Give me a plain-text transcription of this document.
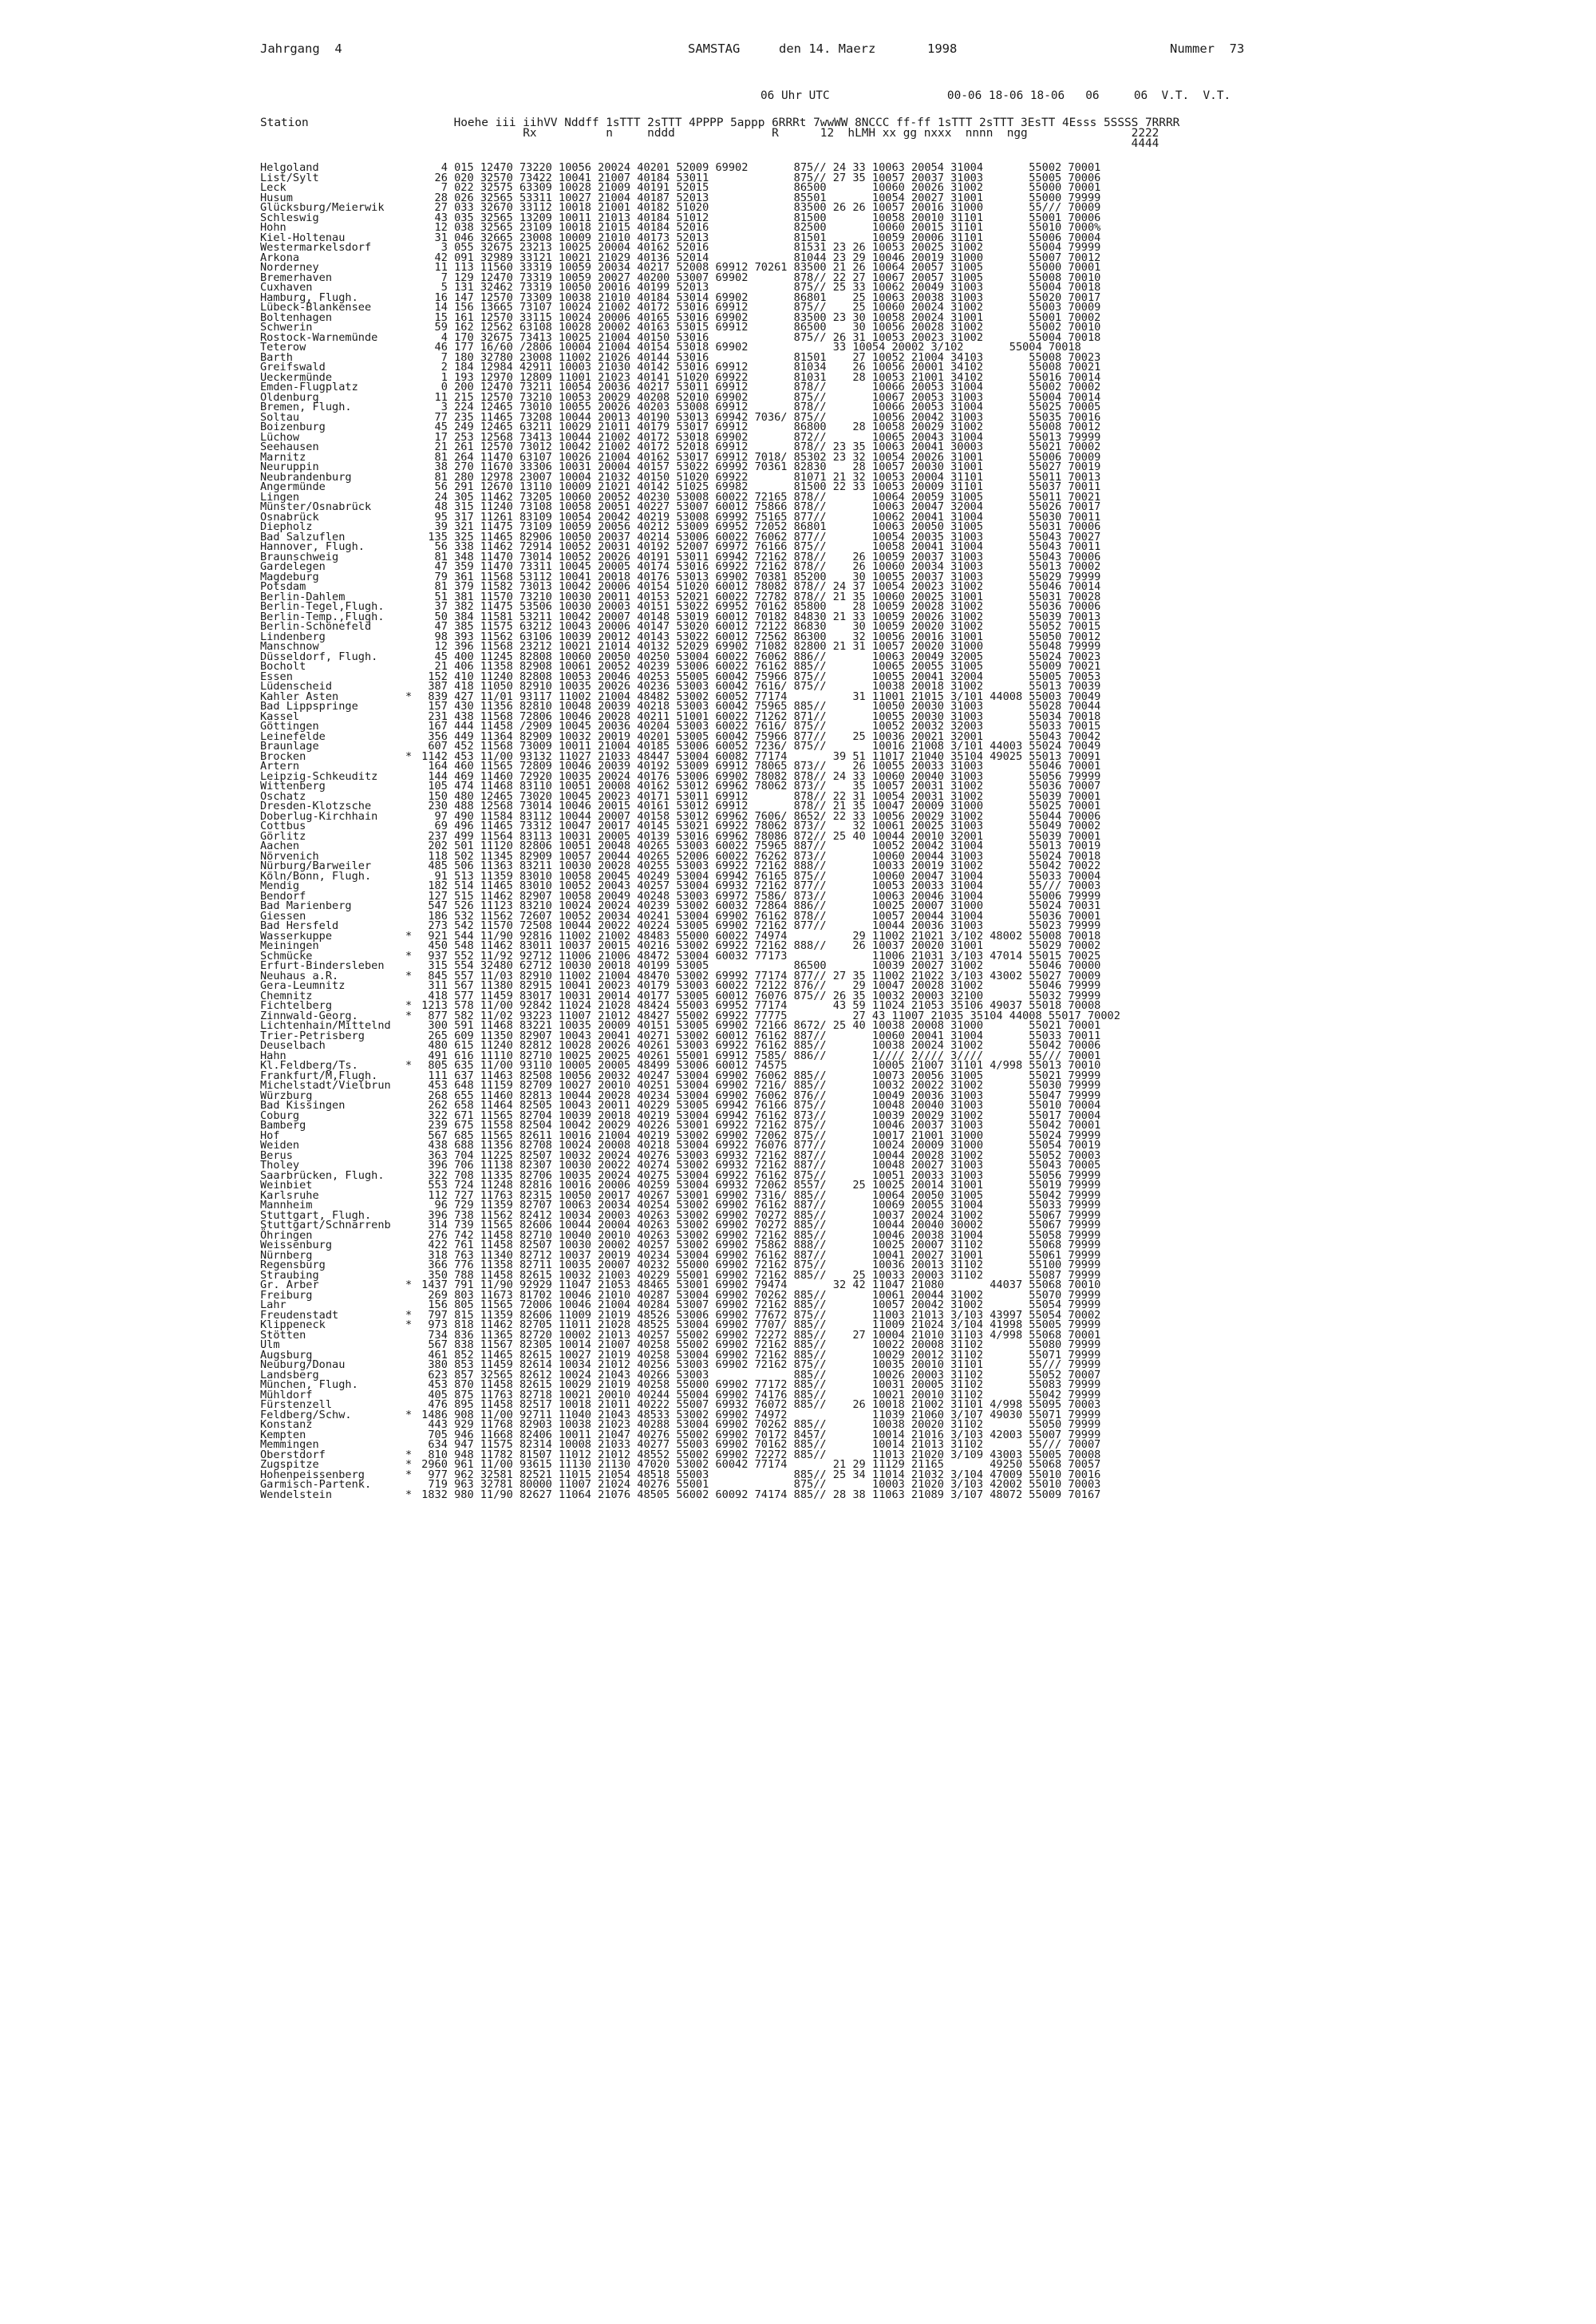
Jahrgang  4	SAMSTAG	den 14. Maerz	1998	Nummer  73
06 Uhr UTC                 00-06 18-06 18-06   06     06  V.T.  V.T.
Station                     Hoehe iii iihVV Nddff 1sTTT 2sTTT 4PPPP 5appp 6RRRt 7wwWW 8NCCC ff-ff 1sTTT 2sTTT 3EsTT 4Esss 5SSSS 7RRRR
Rx          n     nddd              R      12  hLMH xx gg nxxx  nnnn  ngg               2222
4444
Helgoland	4 015 12470 73220 10056 20024 40201 52009 69902       875// 24 33 10063 20054 31004       55002 70001
List/Sylt	26 020 32570 73422 10041 21007 40184 53011             875// 27 35 10057 20037 31003       55005 70006
Leck	7 022 32575 63309 10028 21009 40191 52015             86500       10060 20026 31002       55000 70001
Husum	28 026 32565 53311 10027 21004 40187 52013             85501       10054 20027 31001       55000 79999
Glücksburg/Meierwik	27 033 32670 33112 10018 21001 40182 51020             83500 26 26 10057 20016 31000       55/// 70009
Schleswig	43 035 32565 13209 10011 21013 40184 51012             81500       10058 20010 31101       55001 70006
Hohn	12 038 32565 23109 10018 21015 40184 52016             82500       10060 20015 31101       55010 7000%
Kiel-Holtenau	31 046 32665 23008 10009 21010 40173 52013             81501       10059 20006 31101       55006 70004
Westermarkelsdorf	3 055 32675 23213 10025 20004 40162 52016             81531 23 26 10053 20025 31002       55004 79999
Arkona	42 091 32989 33121 10021 21029 40136 52014             81044 23 29 10046 20019 31000       55007 70012
Norderney	11 113 11560 33319 10059 20034 40217 52008 69912 70261 83500 21 26 10064 20057 31005       55000 70001
Bremerhaven	7 129 12470 73319 10059 20027 40200 53007 69902       878// 22 27 10067 20057 31005       55008 70010
Cuxhaven	5 131 32462 73319 10050 20016 40199 52013             875// 25 33 10062 20049 31003       55004 70018
Hamburg, Flugh.	16 147 12570 73309 10038 21010 40184 53014 69902       86801    25 10063 20038 31003       55020 70017
Lübeck-Blankensee	14 156 13665 73107 10024 21002 40172 53016 69912       875//    25 10060 20024 31002       55003 70009
Boltenhagen	15 161 12570 33115 10024 20006 40165 53016 69902       83500 23 30 10058 20024 31001       55001 70002
Schwerin	59 162 12562 63108 10028 20002 40163 53015 69912       86500    30 10056 20028 31002       55002 70010
Rostock-Warnemünde	4 170 32675 73413 10025 21004 40150 53016             875// 26 31 10053 20023 31002       55004 70018
Teterow	46 177 16/60 /2806 10004 21004 40154 53018 69902             33 10054 20002 3/102       55004 70018
Barth	7 180 32780 23008 11002 21026 40144 53016             81501    27 10052 21004 34103       55008 70023
Greifswald	2 184 12984 42911 10003 21030 40142 53016 69912       81034    26 10056 20001 34102       55008 70021
Ueckermünde	1 193 12970 12809 11001 21023 40141 51020 69922       81031    28 10053 21001 34102       55016 70014
Emden-Flugplatz	0 200 12470 73211 10054 20036 40217 53011 69912       878//       10066 20053 31004       55002 70002
Oldenburg	11 215 12570 73210 10053 20029 40208 52010 69902       875//       10067 20053 31003       55004 70014
Bremen, Flugh.	3 224 12465 73010 10055 20026 40203 53008 69912       878//       10066 20053 31004       55025 70005
Soltau	77 235 11465 73208 10044 20013 40190 53013 69942 7036/ 875//       10056 20042 31003       55035 70016
Boizenburg	45 249 12465 63211 10029 21011 40179 53017 69912       86800    28 10058 20029 31002       55008 70012
Lüchow	17 253 12568 73413 10044 21002 40172 53018 69902       872//       10065 20043 31004       55013 79999
Seehausen	21 261 12570 73012 10042 21002 40172 52018 69912       878// 23 35 10063 20041 30003       55021 70002
Marnitz	81 264 11470 63107 10026 21004 40162 53017 69912 7018/ 85302 23 32 10054 20026 31001       55006 70009
Neuruppin	38 270 11670 33306 10031 20004 40157 53022 69992 70361 82830    28 10057 20030 31001       55027 70019
Neubrandenburg	81 280 12978 23007 10004 21032 40150 51020 69922       81071 21 32 10053 20004 31101       55011 70013
Angermünde	56 291 12670 13110 10009 21021 40142 51025 69982       81500 22 33 10053 20009 31101       55037 70011
Lingen	24 305 11462 73205 10060 20052 40230 53008 60022 72165 878//       10064 20059 31005       55011 70021
Münster/Osnabrück	48 315 11240 73108 10058 20051 40227 53007 60012 75866 878//       10063 20047 32004       55026 70017
Osnabrück	95 317 11261 83109 10054 20042 40219 53008 69992 75165 877//       10062 20041 31004       55030 70011
Diepholz	39 321 11475 73109 10059 20056 40212 53009 69952 72052 86801       10063 20050 31005       55031 70006
Bad Salzuflen	135 325 11465 82906 10050 20037 40214 53006 60022 76062 877//       10054 20035 31003       55043 70027
Hannover, Flugh.	56 338 11462 72914 10052 20031 40192 52007 69972 76166 875//       10058 20041 31004       55043 70011
Braunschweig	81 348 11470 73014 10052 20026 40191 53011 69942 72162 878//    26 10059 20037 31003       55043 70006
Gardelegen	47 359 11470 73311 10045 20005 40174 53016 69922 72162 878//    26 10060 20034 31003       55013 70002
Magdeburg	79 361 11568 53112 10041 20018 40176 53013 69902 70381 85200    30 10055 20037 31003       55029 79999
Potsdam	81 379 11582 73013 10042 20006 40154 51020 60012 78082 878// 24 37 10054 20023 31002       55046 70014
Berlin-Dahlem	51 381 11570 73210 10030 20011 40153 52021 60022 72782 878// 21 35 10060 20025 31001       55031 70028
Berlin-Tegel,Flugh.	37 382 11475 53506 10030 20003 40151 53022 69952 70162 85800    28 10059 20028 31002       55036 70006
Berlin-Temp.,Flugh.	50 384 11581 53211 10042 20007 40148 53019 60012 70182 84830 21 33 10059 20026 31002       55039 70013
Berlin-Schönefeld	47 385 11575 63212 10043 20006 40147 53020 60012 72122 86830    30 10059 20020 31002       55052 70015
Lindenberg	98 393 11562 63106 10039 20012 40143 53022 60012 72562 86300    32 10056 20016 31001       55050 70012
Manschnow	12 396 11568 23212 10021 21014 40132 52029 69902 71082 82800 21 31 10057 20020 31000       55048 79999
Düsseldorf, Flugh.	45 400 11245 82808 10060 20050 40250 53004 60022 76062 886//       10063 20049 32005       55024 70023
Bocholt	21 406 11358 82908 10061 20052 40239 53006 60022 76162 885//       10065 20055 31005       55009 70021
Essen	152 410 11240 82808 10053 20046 40253 55005 60042 75966 875//       10055 20041 32004       55005 70053
Lüdenscheid	387 418 11050 82910 10035 20026 40236 53003 60042 7616/ 875//       10038 20018 31002       55013 70039
Kahler Asten	* 839 427 11/01 93117 11002 21004 48482 53002 60052 77174          31 11001 21015 3/101 44008 55003 70049
Bad Lippspringe	157 430 11356 82810 10048 20039 40218 53003 60042 75965 885//       10050 20030 31003       55028 70044
Kassel	231 438 11568 72806 10046 20028 40211 51001 60022 71262 871//       10055 20030 31003       55034 70018
Göttingen	167 444 11458 /2909 10045 20036 40204 53003 60022 7616/ 875//       10052 20032 32003       55033 70015
Leinefelde	356 449 11364 82909 10032 20019 40201 53005 60042 75966 877//    25 10036 20021 32001       55043 70042
Braunlage	607 452 11568 73009 10011 21004 40185 53006 60052 7236/ 875//       10016 21008 3/101 44003 55024 70049
Brocken	* 1142 453 11/00 93132 11027 21033 48447 53004 60082 77174       39 51 11017 21040 35104 49025 55013 70091
Artern	164 460 11565 72809 10046 20039 40192 53009 69912 78065 873//    26 10055 20033 31003       55046 70001
Leipzig-Schkeuditz	144 469 11460 72920 10035 20024 40176 53006 69902 78082 878// 24 33 10060 20040 31003       55056 79999
Wittenberg	105 474 11468 83110 10051 20008 40162 53012 69962 78062 873//    35 10057 20031 31002       55036 70007
Oschatz	150 480 12465 73020 10045 20023 40171 53011 69912       878// 22 31 10054 20031 31002       55039 70001
Dresden-Klotzsche	230 488 12568 73014 10046 20015 40161 53012 69912       878// 21 35 10047 20009 31000       55025 70001
Doberlug-Kirchhain	97 490 11584 83112 10044 20007 40158 53012 69962 7606/ 8652/ 22 33 10056 20029 31002       55044 70006
Cottbus	69 496 11465 73312 10047 20017 40145 53021 69922 78062 873//    32 10061 20025 31003       55049 70002
Görlitz	237 499 11564 83113 10031 20005 40139 53016 69962 78086 872// 25 40 10044 20010 32001       55039 70001
Aachen	202 501 11120 82806 10051 20048 40265 53003 60022 75965 887//       10052 20042 31004       55013 70019
Nörvenich	118 502 11345 82909 10057 20044 40265 52006 60022 76262 873//       10060 20044 31003       55024 70018
Nürburg/Barweiler	485 506 11363 83211 10030 20028 40255 53003 69922 72162 888//       10033 20019 31002       55042 70022
Köln/Bonn, Flugh.	91 513 11359 83010 10058 20045 40249 53004 69942 76165 875//       10060 20047 31004       55033 70004
Mendig	182 514 11465 83010 10052 20043 40257 53004 69932 72162 877//       10053 20033 31004       55/// 70003
Bendorf	127 515 11462 82907 10058 20049 40248 53003 69972 7586/ 873//       10063 20046 31004       55006 79999
Bad Marienberg	547 526 11123 83210 10024 20024 40239 53002 60032 72864 886//       10025 20007 31000       55024 70031
Giessen	186 532 11562 72607 10052 20034 40241 53004 69902 76162 878//       10057 20044 31004       55036 70001
Bad Hersfeld	273 542 11570 72508 10044 20022 40224 53005 69902 72162 877//       10044 20036 31003       55023 79999
Wasserkuppe	* 921 544 11/90 92816 11002 21002 48483 55000 60022 74974          29 11002 21021 3/102 48002 55008 70018
Meiningen	450 548 11462 83011 10037 20015 40216 53002 69922 72162 888//    26 10037 20020 31001       55029 70002
Schmücke	* 937 552 11/92 92712 11006 21006 48472 53004 60032 77173             11006 21031 3/103 47014 55015 70025
Erfurt-Bindersleben	315 554 32480 62712 10030 20018 40199 53005             86500       10039 20027 31002       55046 70000
Neuhaus a.R.	* 845 557 11/03 82910 11002 21004 48470 53002 69992 77174 877// 27 35 11002 21022 3/103 43002 55027 70009
Gera-Leumnitz	311 567 11380 82915 10041 20023 40179 53003 60022 72122 876//    29 10047 20028 31002       55046 79999
Chemnitz	418 577 11459 83017 10031 20014 40177 53005 60012 76076 875// 26 35 10032 20003 32100       55032 79999
Fichtelberg	* 1213 578 11/00 92842 11024 21028 48424 55003 69952 77174       43 59 11024 21053 35106 49037 55018 70008
Zinnwald-Georg.	* 877 582 11/02 93223 11007 21012 48427 55002 69922 77775          27 43 11007 21035 35104 44008 55017 70002
Lichtenhain/Mittelnd 300 591 11468 83221 10035 20009 40151 53005 69902 72166 8672/ 25 40 10038 20008 31000       55021 70001
Trier-Petrisberg	265 609 11350 82907 10043 20041 40271 53002 60012 76162 887//       10060 20041 31004       55033 70011
Deuselbach	480 615 11240 82812 10028 20026 40261 53003 69922 76162 885//       10038 20024 31002       55042 70006
Hahn	491 616 11110 82710 10025 20025 40261 55001 69912 7585/ 886//       1//// 2//// 3////       55/// 70001
Kl.Feldberg/Ts.	* 805 635 11/00 93110 10005 20005 48499 53006 60012 74575             10005 21007 31101 4/998 55013 70010
Frankfurt/M,Flugh.	111 637 11463 82508 10056 20032 40247 53004 69902 76062 885//       10073 20056 31005       55021 79999
Michelstadt/Vielbrun 453 648 11159 82709 10027 20010 40251 53004 69902 7216/ 885//       10032 20022 31002       55030 79999
Würzburg	268 655 11460 82813 10044 20028 40234 53004 69902 76062 876//       10049 20036 31003       55047 79999
Bad Kissingen	262 658 11464 82505 10043 20011 40229 53005 69942 76166 875//       10048 20040 31003       55010 70004
Coburg	322 671 11565 82704 10039 20018 40219 53004 69942 76162 873//       10039 20029 31002       55017 70004
Bamberg	239 675 11558 82504 10042 20029 40226 53001 69922 72162 875//       10046 20037 31003       55042 70001
Hof	567 685 11565 82611 10016 21004 40219 53002 69902 72062 875//       10017 21001 31000       55024 79999
Weiden	438 688 11356 82708 10024 20008 40218 53004 69922 76076 877//       10024 20009 31000       55054 70019
Berus	363 704 11225 82507 10032 20024 40276 53003 69932 72162 887//       10044 20028 31002       55052 70003
Tholey	396 706 11138 82307 10030 20022 40274 53002 69932 72162 887//       10048 20027 31003       55043 70005
Saarbrücken, Flugh.	322 708 11335 82706 10035 20024 40275 53004 69922 76162 875//       10051 20033 31003       55056 79999
Weinbiet	553 724 11248 82816 10016 20006 40259 53004 69932 72062 8557/    25 10025 20014 31001       55019 79999
Karlsruhe	112 727 11763 82315 10050 20017 40267 53001 69902 7316/ 885//       10064 20050 31005       55042 79999
Mannheim	96 729 11359 82707 10063 20034 40254 53002 69902 76162 887//       10069 20055 31004       55033 79999
Stuttgart, Flugh.	396 738 11562 82412 10034 20003 40263 53002 69902 70272 885//       10037 20024 31002       55067 79999
Stuttgart/Schnarrenb 314 739 11565 82606 10044 20004 40263 53002 69902 70272 885//       10044 20040 30002       55067 79999
Öhringen	276 742 11458 82710 10040 20010 40263 53002 69902 72162 885//       10046 20038 31004       55058 79999
Weissenburg	422 761 11458 82507 10030 20002 40257 53002 69902 75862 888//       10025 20007 31102       55068 79999
Nürnberg	318 763 11340 82712 10037 20019 40234 53004 69902 76162 887//       10041 20027 31001       55061 79999
Regensburg	366 776 11358 82711 10035 20007 40232 55000 69902 72162 875//       10036 20013 31102       55100 79999
Straubing	350 788 11458 82615 10032 21003 40229 55001 69902 72162 885//    25 10033 20003 31102       55087 79999
Gr. Arber	* 1437 791 11/90 92929 11047 21053 48465 53001 69902 79474       32 42 11047 21080       44037 55068 70010
Freiburg	269 803 11673 81702 10046 21010 40287 53004 69902 70262 885//       10061 20044 31002       55070 79999
Lahr	156 805 11565 72006 10046 21004 40284 53007 69902 72162 885//       10057 20042 31002       55054 79999
Freudenstadt	* 797 815 11359 82606 11009 21019 48526 53006 69902 77672 875//       11003 21013 3/103 43997 55054 70002
Klippeneck	* 973 818 11462 82705 11011 21028 48525 53004 69902 7707/ 885//       11009 21024 3/104 41998 55005 79999
Stötten	734 836 11365 82720 10002 21013 40257 55002 69902 72272 885//    27 10004 21010 31103 4/998 55068 70001
Ulm	567 838 11567 82305 10014 21007 40258 55002 69902 72162 885//       10022 20008 31102       55080 79999
Augsburg	461 852 11465 82615 10027 21019 40258 53004 69902 72162 885//       10029 20012 31102       55071 79999
Neuburg/Donau	380 853 11459 82614 10034 21012 40256 53003 69902 72162 875//       10035 20010 31101       55/// 79999
Landsberg	623 857 32565 82612 10024 21043 40266 53003             885//       10026 20003 31102       55052 70007
München, Flugh.	453 870 11458 82615 10029 21019 40258 55000 69902 77172 885//       10031 20005 31102       55083 79999
Mühldorf	405 875 11763 82718 10021 20010 40244 55004 69902 74176 885//       10021 20010 31102       55042 79999
Fürstenzell	476 895 11458 82517 10018 21011 40222 55007 69932 76072 885//    26 10018 21002 31101 4/998 55095 70003
Feldberg/Schw.	* 1486 908 11/00 92711 11040 21043 48533 53002 69902 74972             11039 21060 3/107 49030 55071 79999
Konstanz	443 929 11768 82903 10038 21023 40288 53004 69902 70262 885//       10038 20020 31102       55050 79999
Kempten	705 946 11668 82406 10011 21047 40276 55002 69902 70172 8457/       10014 21016 3/103 42003 55007 79999
Memmingen	634 947 11575 82314 10008 21033 40277 55003 69902 70162 885//       10014 21013 31102       55/// 70007
Oberstdorf	* 810 948 11782 81507 11012 21012 48552 55002 69902 72272 885//       11013 21020 3/109 43003 55005 70008
Zugspitze	* 2960 961 11/00 93615 11130 21130 47020 53002 60042 77174       21 29 11129 21165       49250 55068 70057
Hohenpeissenberg	* 977 962 32581 82521 11015 21054 48518 55003             885// 25 34 11014 21032 3/104 47009 55010 70016
Garmisch-Partenk.	719 963 32781 80000 11007 21024 40276 55001             875//       10003 21020 3/103 42002 55010 70003
Wendelstein	* 1832 980 11/90 82627 11064 21076 48505 56002 60092 74174 885// 28 38 11063 21089 3/107 48072 55009 70167
